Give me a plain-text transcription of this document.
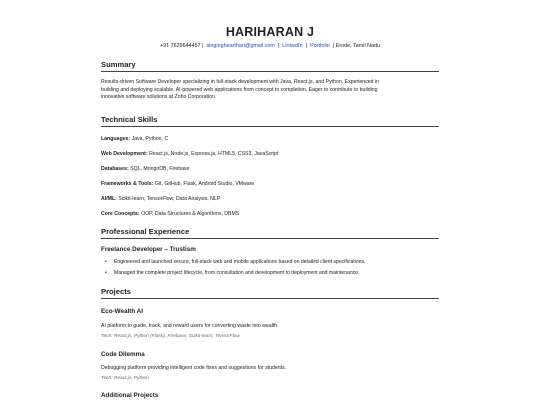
HARIHARAN J
+91 7639644457 | singinghearthari@gmail.com | LinkedIn | Portfolio | Erode, Tamil Nadu
Summary
Results-driven Software Developer specializing in full-stack development with Java, React.js, and Python. Experienced in
building and deploying scalable, AI-powered web applications from concept to completion. Eager to contribute to building
innovative software solutions at Zoho Corporation.
Technical Skills
Languages: Java, Python, C
Web Development: React.js, Node.js, Express.js, HTML5, CSS3, JavaScript
Databases: SQL, MongoDB, Firebase
Frameworks & Tools: Git, GitHub, Flask, Android Studio, VMware
AI/ML: Scikit-learn, TensorFlow, Data Analysis, NLP
Core Concepts: OOP, Data Structures & Algorithms, DBMS
Professional Experience
Freelance Developer – Trustism
• Engineered and launched secure, full-stack web and mobile applications based on detailed client specifications.
• Managed the complete project lifecycle, from consultation and development to deployment and maintenance.
Projects
Eco-Wealth AI
AI platform to guide, track, and reward users for converting waste into wealth.
Tech: React.js, Python (Flask), Firebase, Scikit-learn, TensorFlow
Code Dilemma
Debugging platform providing intelligent code fixes and suggestions for students.
Tech: React.js, Python
Additional Projects
